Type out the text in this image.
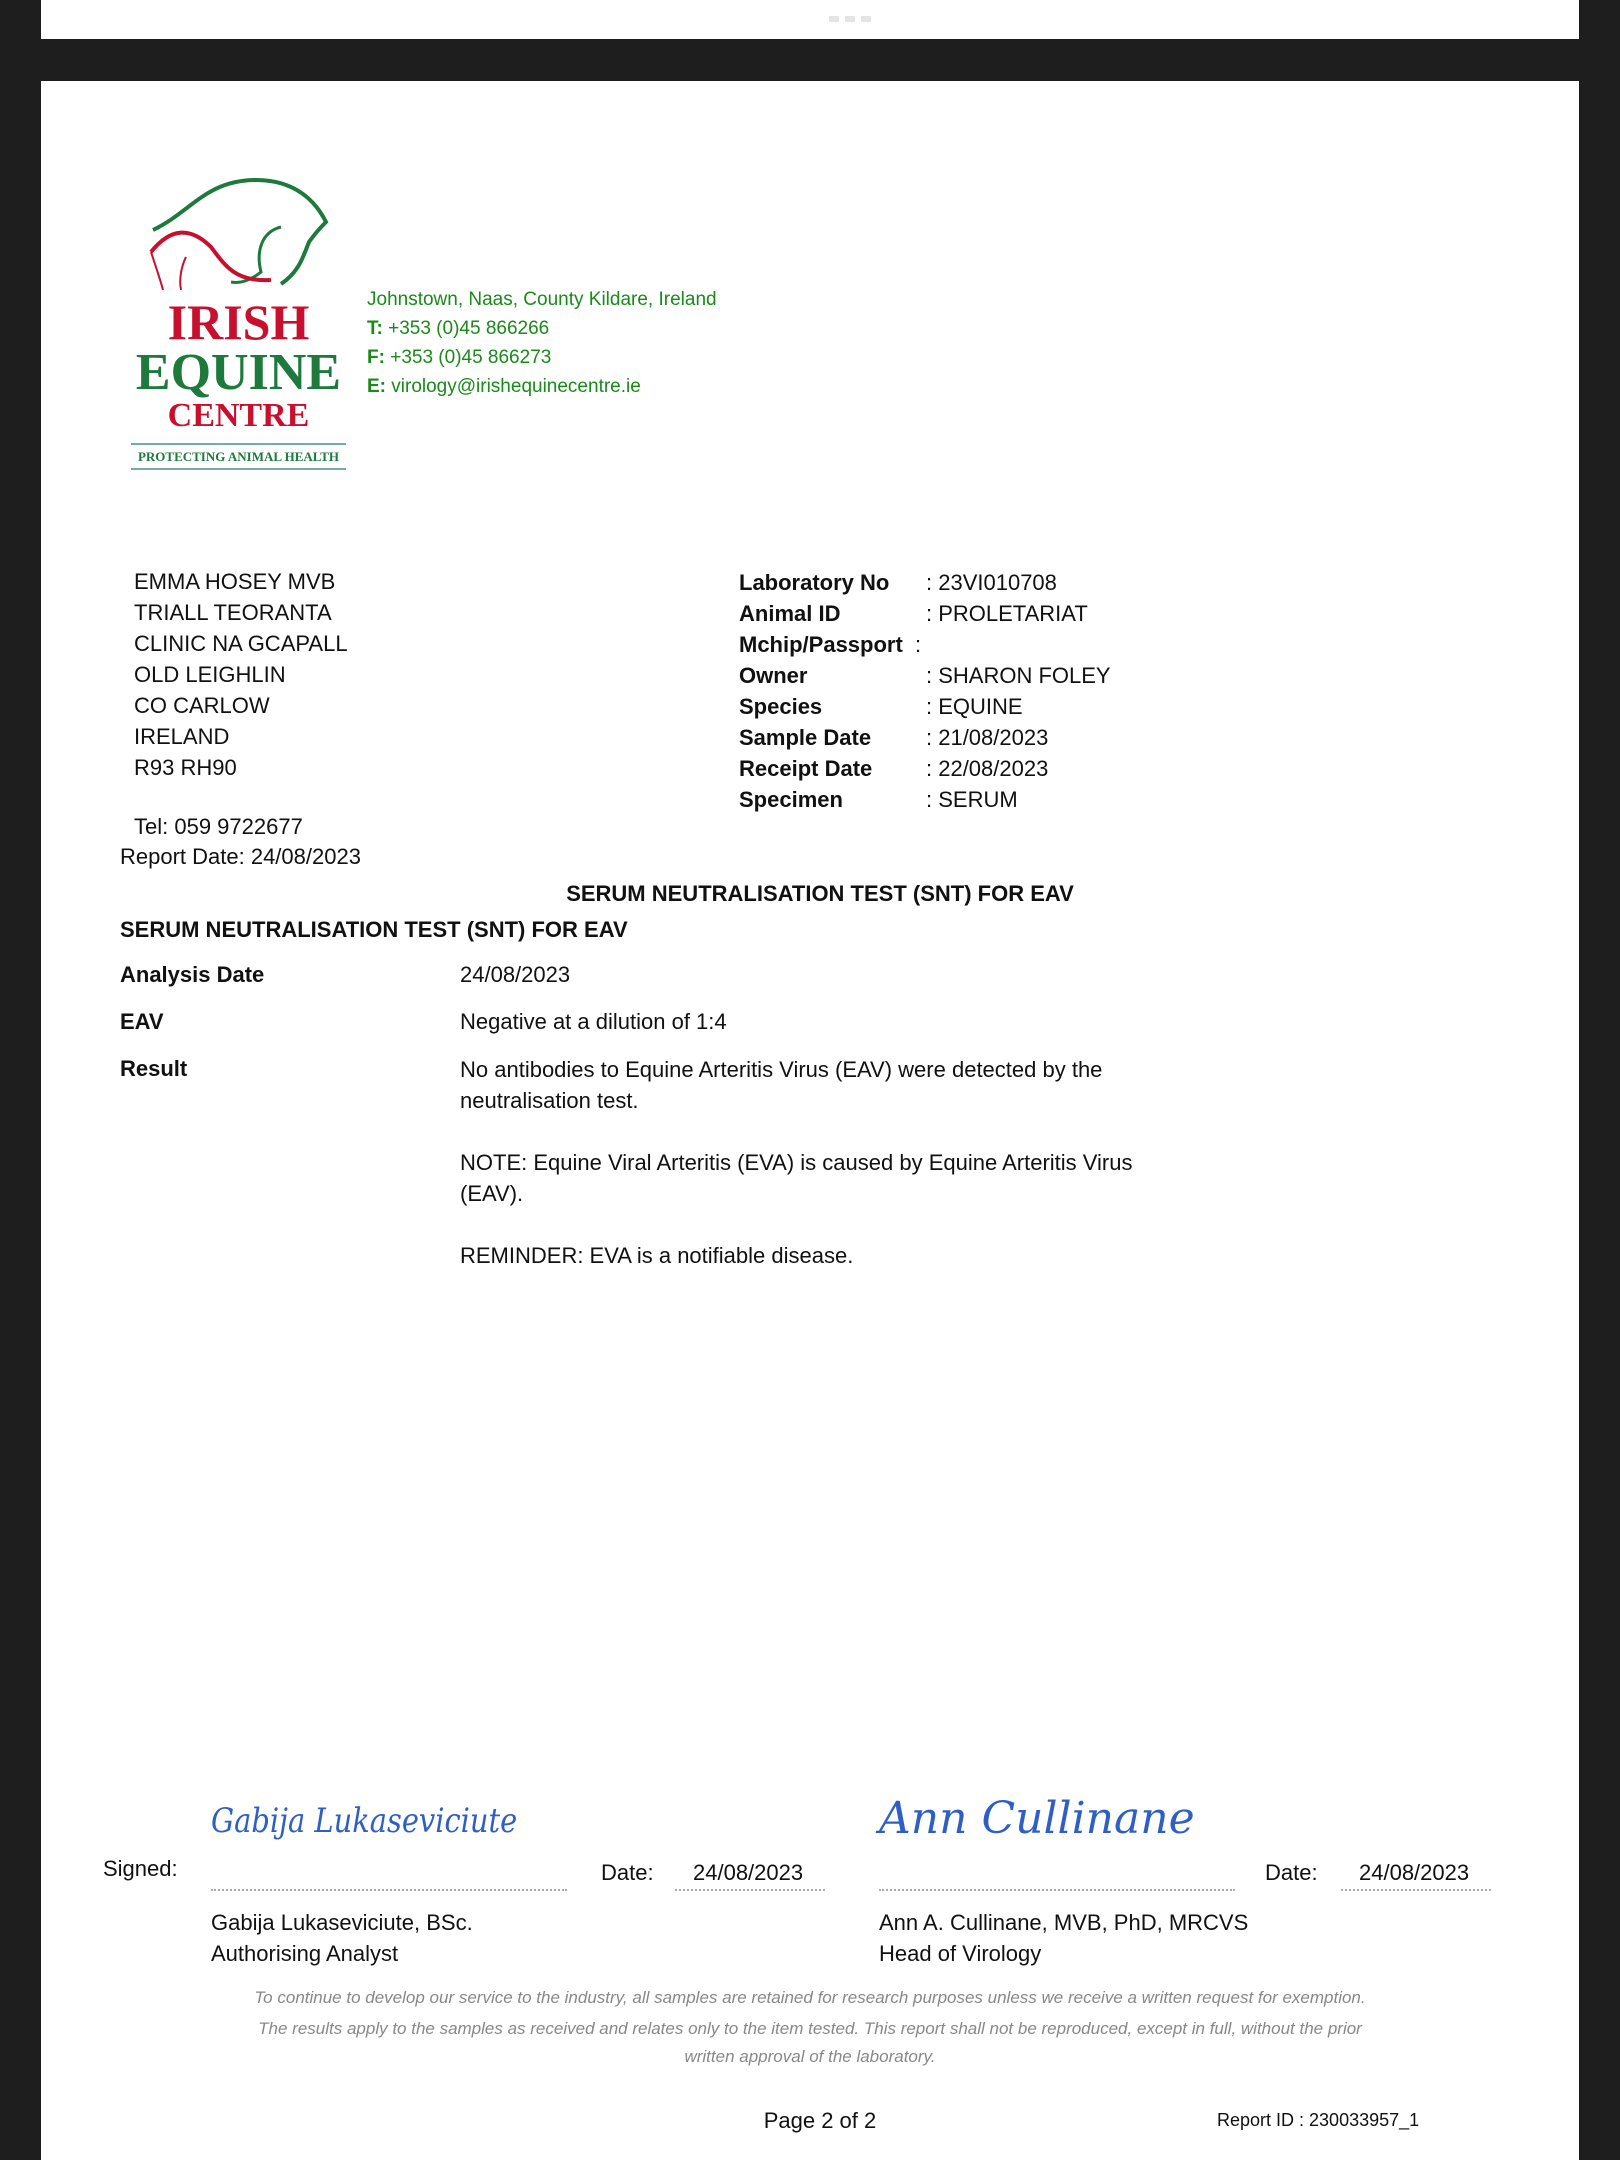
IRISH
EQUINE
CENTRE
PROTECTING ANIMAL HEALTH
Johnstown, Naas, County Kildare, Ireland
T: +353 (0)45 866266
F: +353 (0)45 866273
E: virology@irishequinecentre.ie
EMMA HOSEY MVB
TRIALL TEORANTA
CLINIC NA GCAPALL
OLD LEIGHLIN
CO CARLOW
IRELAND
R93 RH90
Tel: 059 9722677
Report Date: 24/08/2023
Laboratory No : 23VI010708
Animal ID	: PROLETARIAT
Mchip/Passport :
Owner	: SHARON FOLEY
Species	: EQUINE
Sample Date : 21/08/2023
Receipt Date : 22/08/2023
Specimen	: SERUM
SERUM NEUTRALISATION TEST (SNT) FOR EAV
SERUM NEUTRALISATION TEST (SNT) FOR EAV
Analysis Date	24/08/2023
EAV	Negative at a dilution of 1:4
Result	No antibodies to Equine Arteritis Virus (EAV) were detected by the
neutralisation test.
NOTE: Equine Viral Arteritis (EVA) is caused by Equine Arteritis Virus
(EAV).
REMINDER: EVA is a notifiable disease.
Signed:
Gabija Lukaseviciute
Date: 24/08/2023
Gabija Lukaseviciute, BSc.
Authorising Analyst
Ann Cullinane
Date: 24/08/2023
Ann A. Cullinane, MVB, PhD, MRCVS
Head of Virology
To continue to develop our service to the industry, all samples are retained for research purposes unless we receive a written request for exemption.
The results apply to the samples as received and relates only to the item tested. This report shall not be reproduced, except in full, without the prior
written approval of the laboratory.
Page 2 of 2	Report ID : 230033957_1
